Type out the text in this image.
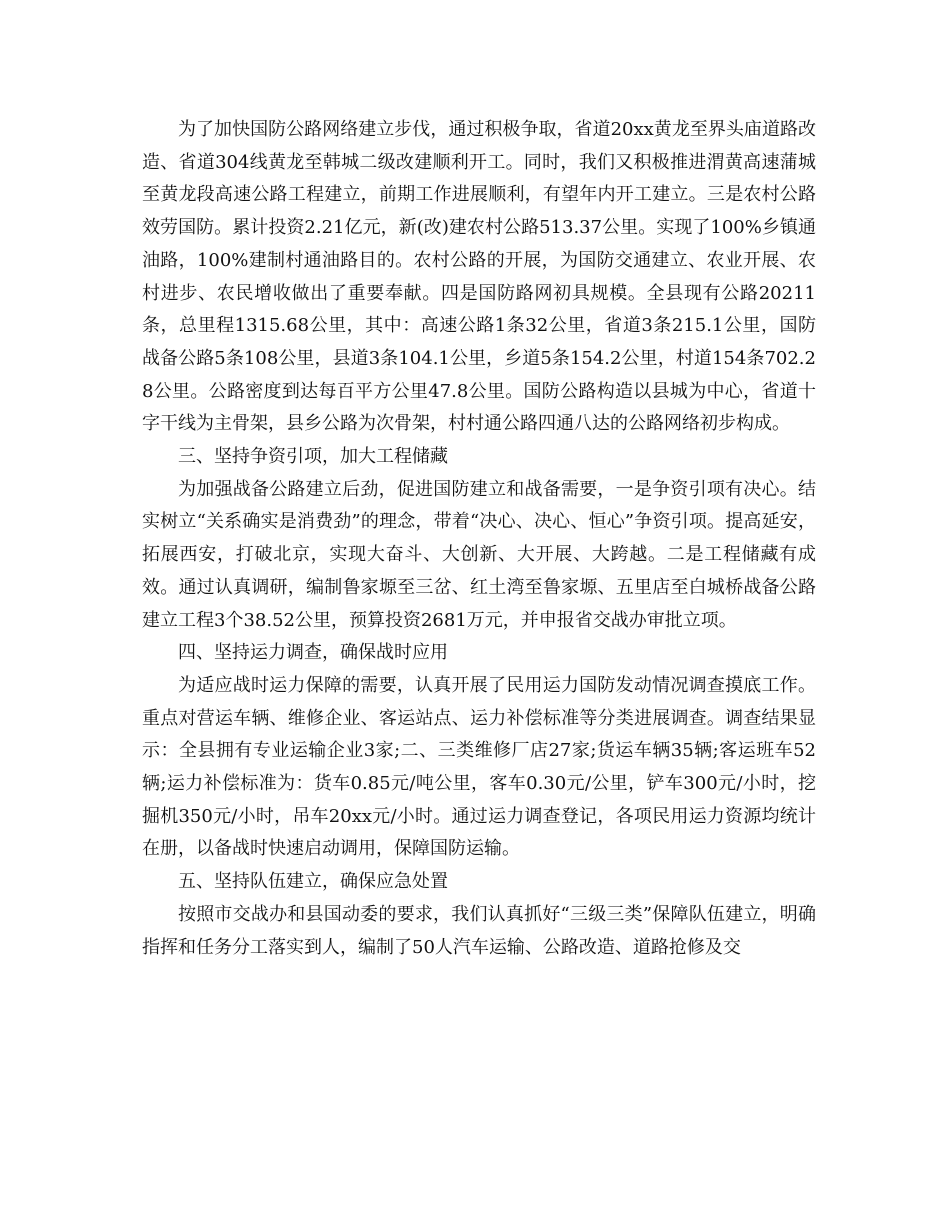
为了加快国防公路网络建立步伐，通过积极争取，省道20xx黄龙至界头庙道路改造、省道304线黄龙至韩城二级改建顺利开工。同时，我们又积极推进渭黄高速蒲城至黄龙段高速公路工程建立，前期工作进展顺利，有望年内开工建立。三是农村公路效劳国防。累计投资2.21亿元，新(改)建农村公路513.37公里。实现了100%乡镇通油路，100%建制村通油路目的。农村公路的开展，为国防交通建立、农业开展、农村进步、农民增收做出了重要奉献。四是国防路网初具规模。全县现有公路20211条，总里程1315.68公里，其中：高速公路1条32公里，省道3条215.1公里，国防战备公路5条108公里，县道3条104.1公里，乡道5条154.2公里，村道154条702.28公里。公路密度到达每百平方公里47.8公里。国防公路构造以县城为中心，省道十字干线为主骨架，县乡公路为次骨架，村村通公路四通八达的公路网络初步构成。

三、坚持争资引项，加大工程储藏

为加强战备公路建立后劲，促进国防建立和战备需要，一是争资引项有决心。结实树立“关系确实是消费劲”的理念，带着“决心、决心、恒心”争资引项。提高延安，拓展西安，打破北京，实现大奋斗、大创新、大开展、大跨越。二是工程储藏有成效。通过认真调研，编制鲁家塬至三岔、红土湾至鲁家塬、五里店至白城桥战备公路建立工程3个38.52公里，预算投资2681万元，并申报省交战办审批立项。

四、坚持运力调查，确保战时应用

为适应战时运力保障的需要，认真开展了民用运力国防发动情况调查摸底工作。重点对营运车辆、维修企业、客运站点、运力补偿标准等分类进展调查。调查结果显示：全县拥有专业运输企业3家;二、三类维修厂店27家;货运车辆35辆;客运班车52辆;运力补偿标准为：货车0.85元/吨公里，客车0.30元/公里，铲车300元/小时，挖掘机350元/小时，吊车20xx元/小时。通过运力调查登记，各项民用运力资源均统计在册，以备战时快速启动调用，保障国防运输。

五、坚持队伍建立，确保应急处置

按照市交战办和县国动委的要求，我们认真抓好“三级三类”保障队伍建立，明确指挥和任务分工落实到人，编制了50人汽车运输、公路改造、道路抢修及交
